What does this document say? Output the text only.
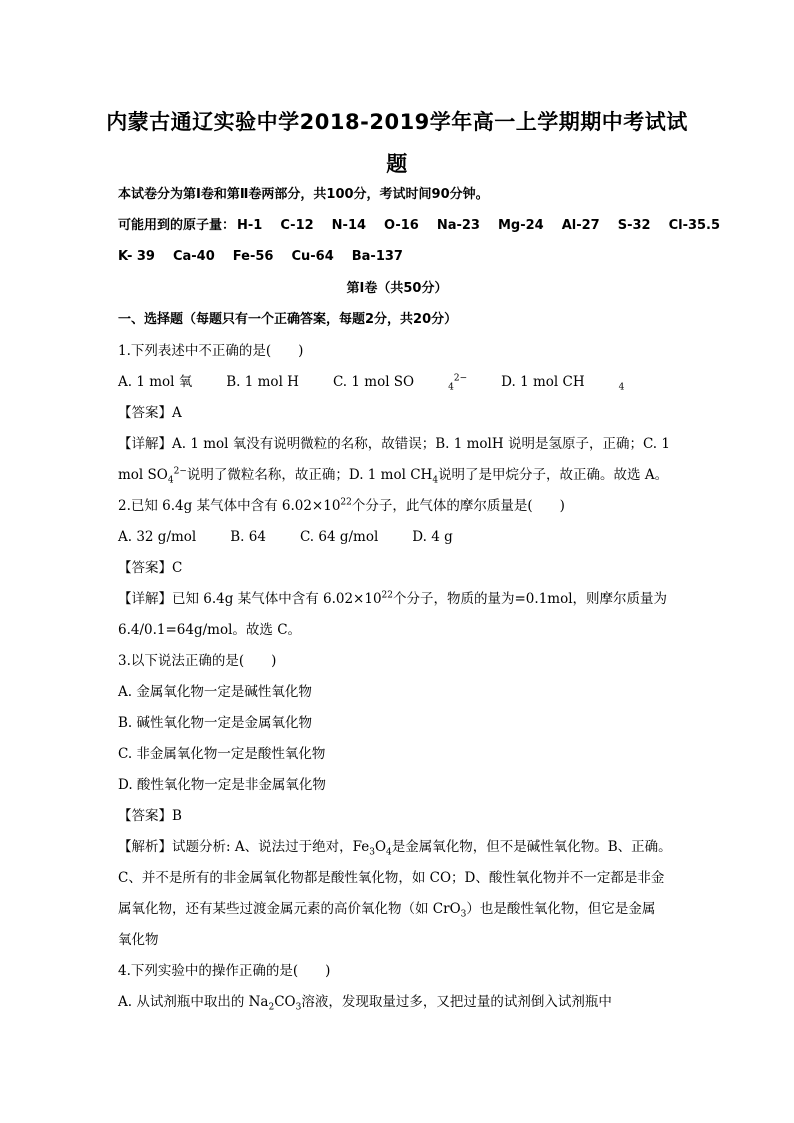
内蒙古通辽实验中学2018-2019学年高一上学期期中考试试
题
本试卷分为第Ⅰ卷和第Ⅱ卷两部分，共100分，考试时间90分钟。
可能用到的原子量： H-1 C-12 N-14 O-16 Na-23 Mg-24 Al-27 S-32 Cl-35.5
K- 39 Ca-40 Fe-56 Cu-64 Ba-137
第Ⅰ卷（共50分）
一、选择题（每题只有一个正确答案，每题2分，共20分）
1.下列表述中不正确的是(　　)
A. 1 mol 氧	B. 1 mol H	C. 1 mol SO	$_4^{2-}$	D. 1 mol CH	$_4$
【答案】A
【详解】A. 1 mol 氧没有说明微粒的名称，故错误；B. 1 molH 说明是氢原子，正确；C. 1
mol $SO_4^{2-}$说明了微粒名称，故正确；D. 1 mol $CH_4$说明了是甲烷分子，故正确。故选 A。
2.已知 6.4g 某气体中含有 $6.02\times 10^{22}$个分子，此气体的摩尔质量是(　　)
A. 32 g/mol	B. 64	C. 64 g/mol	D. 4 g
【答案】C
【详解】已知 6.4g 某气体中含有 $6.02\times 10^{22}$个分子，物质的量为=0.1mol，则摩尔质量为
6.4/0.1=64g/mol。故选 C。
3.以下说法正确的是(　　)
A. 金属氧化物一定是碱性氧化物
B. 碱性氧化物一定是金属氧化物
C. 非金属氧化物一定是酸性氧化物
D. 酸性氧化物一定是非金属氧化物
【答案】B
【解析】试题分析: A、说法过于绝对，$Fe_3O_4$是金属氧化物，但不是碱性氧化物。B、正确。
C、并不是所有的非金属氧化物都是酸性氧化物，如 CO；D、酸性氧化物并不一定都是非金
属氧化物，还有某些过渡金属元素的高价氧化物（如 CrO$_3$）也是酸性氧化物，但它是金属
氧化物
4.下列实验中的操作正确的是(　　)
A. 从试剂瓶中取出的 $Na_2CO_3$溶液，发现取量过多，又把过量的试剂倒入试剂瓶中
